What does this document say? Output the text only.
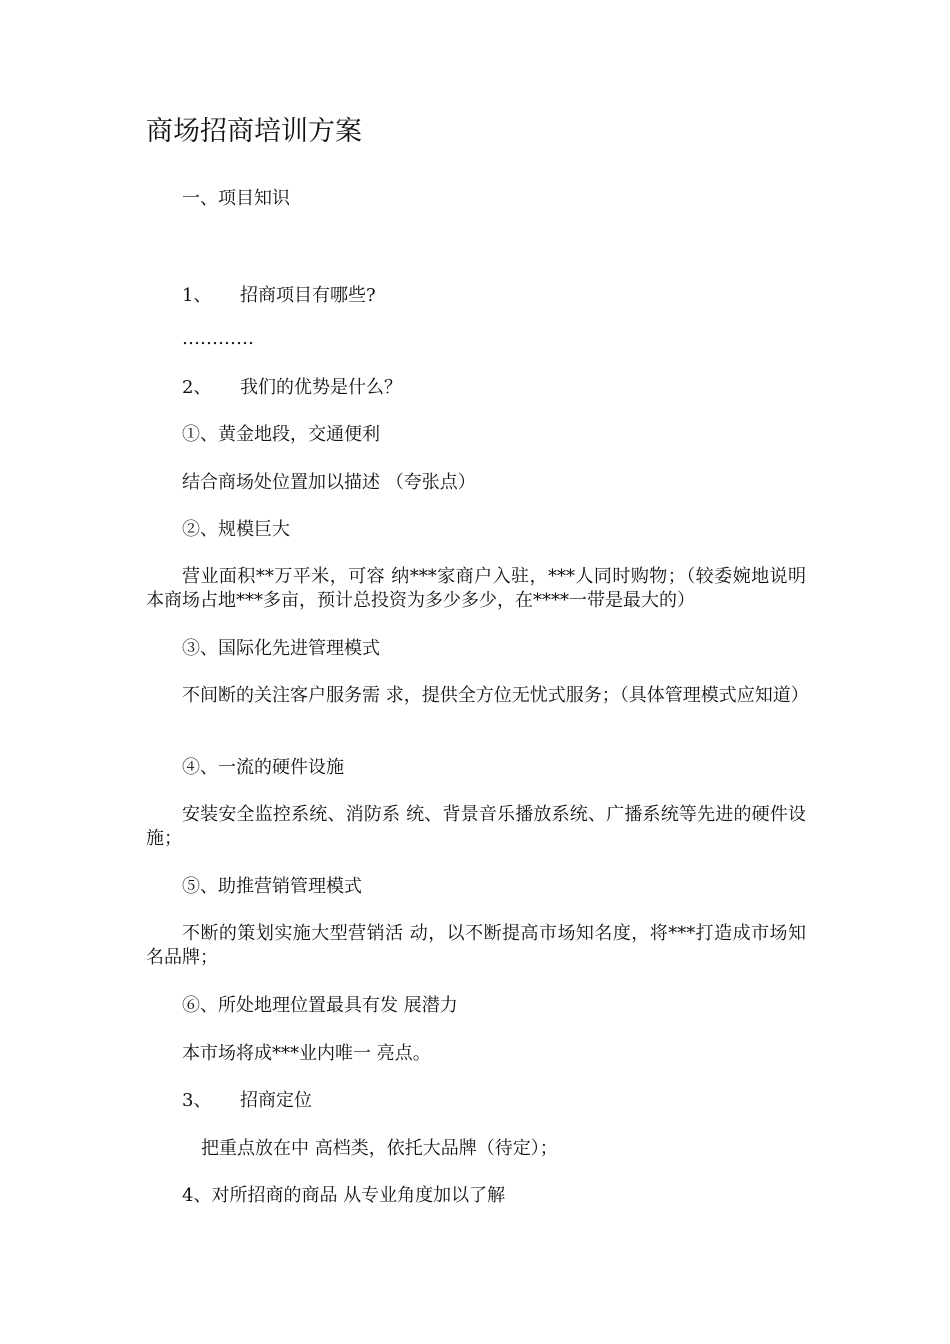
商场招商培训方案

一、项目知识

1、 招商项目有哪些?

…………

2、 我们的优势是什么？

①、黄金地段，交通便利

结合商场处位置加以描述 （夸张点）

②、规模巨大

营业面积**万平米，可容 纳***家商户入驻，***人同时购物；（较委婉地说明本商场占地***多亩，预计总投资为多少多少，在****一带是最大的）

③、国际化先进管理模式

不间断的关注客户服务需 求，提供全方位无忧式服务；（具体管理模式应知道）

④、一流的硬件设施

安装安全监控系统、消防系 统、背景音乐播放系统、广播系统等先进的硬件设施；

⑤、助推营销管理模式

不断的策划实施大型营销活 动，以不断提高市场知名度，将***打造成市场知名品牌；

⑥、所处地理位置最具有发 展潜力

本市场将成***业内唯一 亮点。

3、 招商定位

把重点放在中 高档类，依托大品牌（待定）；

4、对所招商的商品 从专业角度加以了解
